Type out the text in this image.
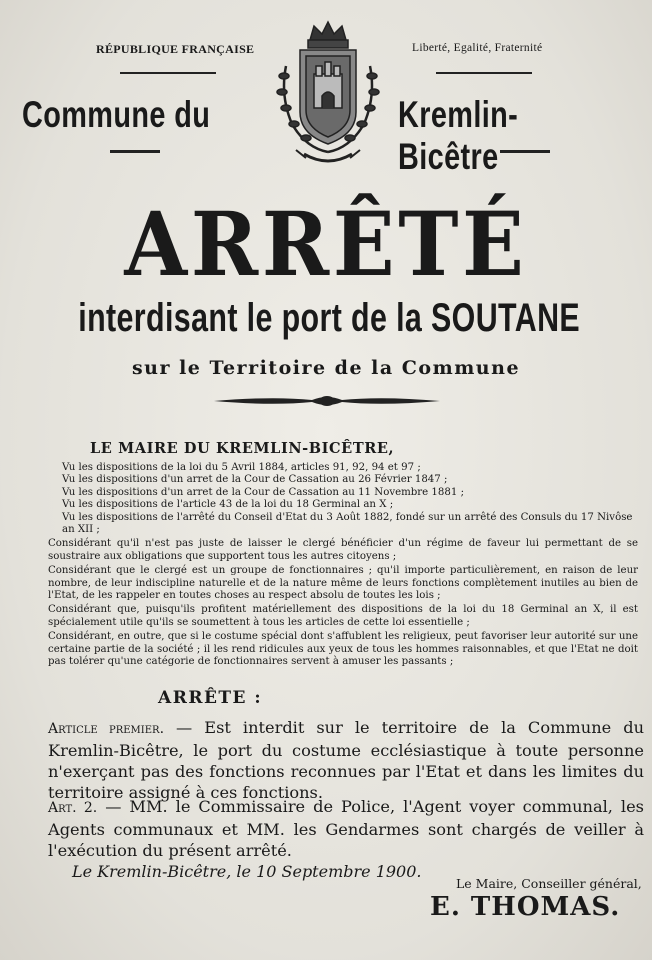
RÉPUBLIQUE FRANÇAISE	Liberté, Egalité, Fraternité
Commune du	Kremlin-Bicêtre
ARRÊTÉ
interdisant le port de la SOUTANE
sur le Territoire de la Commune
LE MAIRE DU KREMLIN-BICÊTRE,

Vu les dispositions de la loi du 5 Avril 1884, articles 91, 92, 94 et 97 ;

Vu les dispositions d'un arret de la Cour de Cassation au 26 Février 1847 ;

Vu les dispositions d'un arret de la Cour de Cassation au 11 Novembre 1881 ;

Vu les dispositions de l'article 43 de la loi du 18 Germinal an X ;

Vu les dispositions de l'arrêté du Conseil d'Etat du 3 Août 1882, fondé sur un arrêté des Consuls du 17 Nivôse an XII ;

Considérant qu'il n'est pas juste de laisser le clergé bénéficier d'un régime de faveur lui permettant de se soustraire aux obligations que supportent tous les autres citoyens ;

Considérant que le clergé est un groupe de fonctionnaires ; qu'il importe particulièrement, en raison de leur nombre, de leur indiscipline naturelle et de la nature même de leurs fonctions complètement inutiles au bien de l'Etat, de les rappeler en toutes choses au respect absolu de toutes les lois ;

Considérant que, puisqu'ils profitent matériellement des dispositions de la loi du 18 Germinal an X, il est spécialement utile qu'ils se soumettent à tous les articles de cette loi essentielle ;

Considérant, en outre, que si le costume spécial dont s'affublent les religieux, peut favoriser leur autorité sur une certaine partie de la société ; il les rend ridicules aux yeux de tous les hommes raisonnables, et que l'Etat ne doit pas tolérer qu'une catégorie de fonctionnaires servent à amuser les passants ;

ARRÊTE :
Article premier. — Est interdit sur le territoire de la Commune du Kremlin-Bicêtre, le port du costume ecclésiastique à toute personne n'exerçant pas des fonctions reconnues par l'Etat et dans les limites du territoire assigné à ces fonctions.
Art. 2. — MM. le Commissaire de Police, l'Agent voyer communal, les Agents communaux et MM. les Gendarmes sont chargés de veiller à l'exécution du présent arrêté.
Le Kremlin-Bicêtre, le 10 Septembre 1900.
Le Maire, Conseiller général,
E. THOMAS.
